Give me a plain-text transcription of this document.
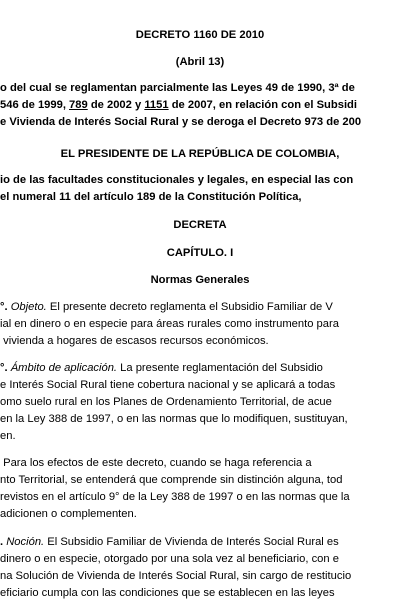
DECRETO 1160 DE 2010
(Abril 13)
o del cual se reglamentan parcialmente las Leyes 49 de 1990, 3ª de
546 de 1999, 789 de 2002 y 1151 de 2007, en relación con el Subsidi
e Vivienda de Interés Social Rural y se deroga el Decreto 973 de 200
EL PRESIDENTE DE LA REPÚBLICA DE COLOMBIA,
io de las facultades constitucionales y legales, en especial las con
el numeral 11 del artículo 189 de la Constitución Política,
DECRETA
CAPÍTULO. I
Normas Generales
°. Objeto. El presente decreto reglamenta el Subsidio Familiar de V
ial en dinero o en especie para áreas rurales como instrumento para
vivienda a hogares de escasos recursos económicos.
°. Ámbito de aplicación. La presente reglamentación del Subsidio
e Interés Social Rural tiene cobertura nacional y se aplicará a todas
omo suelo rural en los Planes de Ordenamiento Territorial, de acue
en la Ley 388 de 1997, o en las normas que lo modifiquen, sustituyan,
en.
Para los efectos de este decreto, cuando se haga referencia a
nto Territorial, se entenderá que comprende sin distinción alguna, tod
revistos en el artículo 9° de la Ley 388 de 1997 o en las normas que la
adicionen o complementen.
. Noción. El Subsidio Familiar de Vivienda de Interés Social Rural es
dinero o en especie, otorgado por una sola vez al beneficiario, con e
na Solución de Vivienda de Interés Social Rural, sin cargo de restitucio
eficiario cumpla con las condiciones que se establecen en las leyes
